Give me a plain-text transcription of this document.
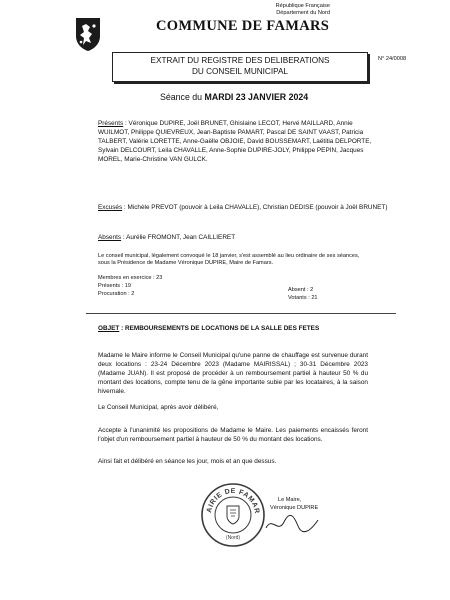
République Française
Département du Nord
COMMUNE DE FAMARS
EXTRAIT DU REGISTRE DES DELIBERATIONS
DU CONSEIL MUNICIPAL
N° 24/0008
Séance du MARDI 23 JANVIER 2024
Présents : Véronique DUPIRE, Joël BRUNET, Ghislaine LECOT, Hervé MAILLARD, Annie WUILMOT, Philippe QUIEVREUX, Jean-Baptiste PAMART, Pascal DE SAINT VAAST, Patricia TALBERT, Valérie LORETTE, Anne-Gaëlle OBJOIE, David BOUSSEMART, Laëtitia DELPORTE, Sylvain DELCOURT, Leila CHAVALLE, Anne-Sophie DUPIRE-JOLY, Philippe PEPIN, Jacques MOREL, Marie-Christine VAN GULCK.
Excusés : Michèle PREVOT (pouvoir à Leila CHAVALLE), Christian DEDISE (pouvoir à Joël BRUNET)
Absents : Aurélie FROMONT, Jean CAILLIERET
Le conseil municipal, légalement convoqué le 18 janvier, s'est assemblé au lieu ordinaire de ses séances, sous la Présidence de Madame Véronique DUPIRE, Maire de Famars.
Membres en exercice : 23
Présents : 19
Procuration : 2
Absent : 2
Votants : 21
OBJET : REMBOURSEMENTS DE LOCATIONS DE LA SALLE DES FETES
Madame le Maire informe le Conseil Municipal qu'une panne de chauffage est survenue durant deux locations : 23-24 Décembre 2023 (Madame MAIRISSAL) ; 30-31 Décembre 2023 (Madame JUAN). Il est proposé de procéder à un remboursement partiel à hauteur 50 % du montant des locations, compte tenu de la gêne importante subie par les locataires, à la saison hivernale.
Le Conseil Municipal, après avoir délibéré,
Accepte à l'unanimité les propositions de Madame le Maire. Les paiements encaissés feront l'objet d'un remboursement partiel à hauteur de 50 % du montant des locations.
Ainsi fait et délibéré en séance les jour, mois et an que dessus.
Le Maire,
Véronique DUPIRE
AIRIE DE FAMAR
(Nord)
